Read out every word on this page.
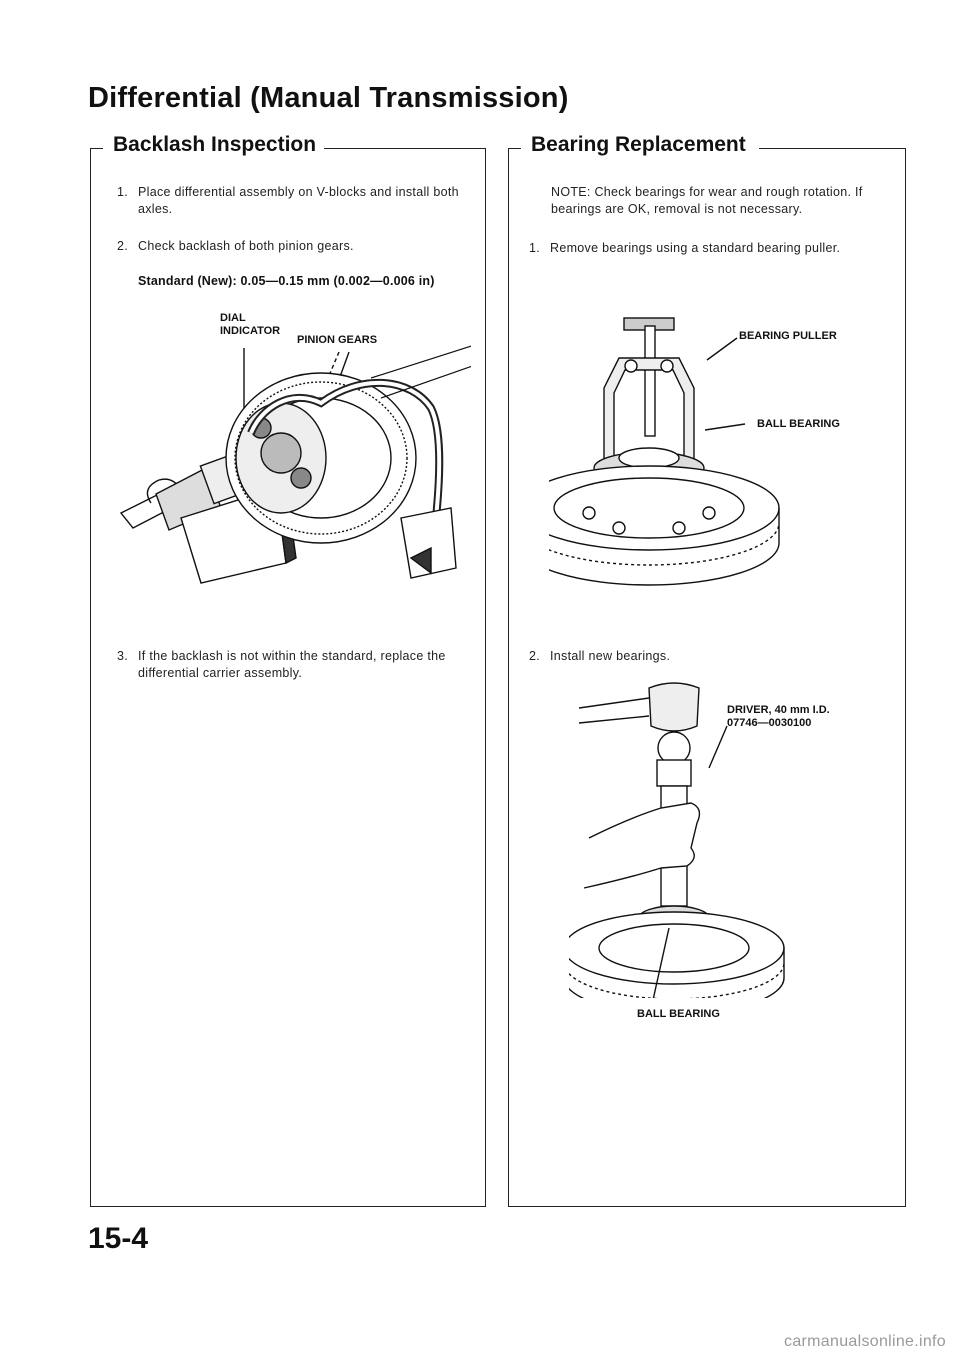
Differential (Manual Transmission)
Backlash Inspection
1. Place differential assembly on V-blocks and install both axles.
2. Check backlash of both pinion gears.
Standard (New): 0.05—0.15 mm (0.002—0.006 in)
DIAL
INDICATOR
PINION GEARS
3. If the backlash is not within the standard, replace the differential carrier assembly.
Bearing Replacement
NOTE: Check bearings for wear and rough rotation. If bearings are OK, removal is not necessary.
1. Remove bearings using a standard bearing puller.
BEARING PULLER
BALL BEARING
2. Install new bearings.
DRIVER, 40 mm I.D.
07746—0030100
BALL BEARING
15-4
carmanualsonline.info
